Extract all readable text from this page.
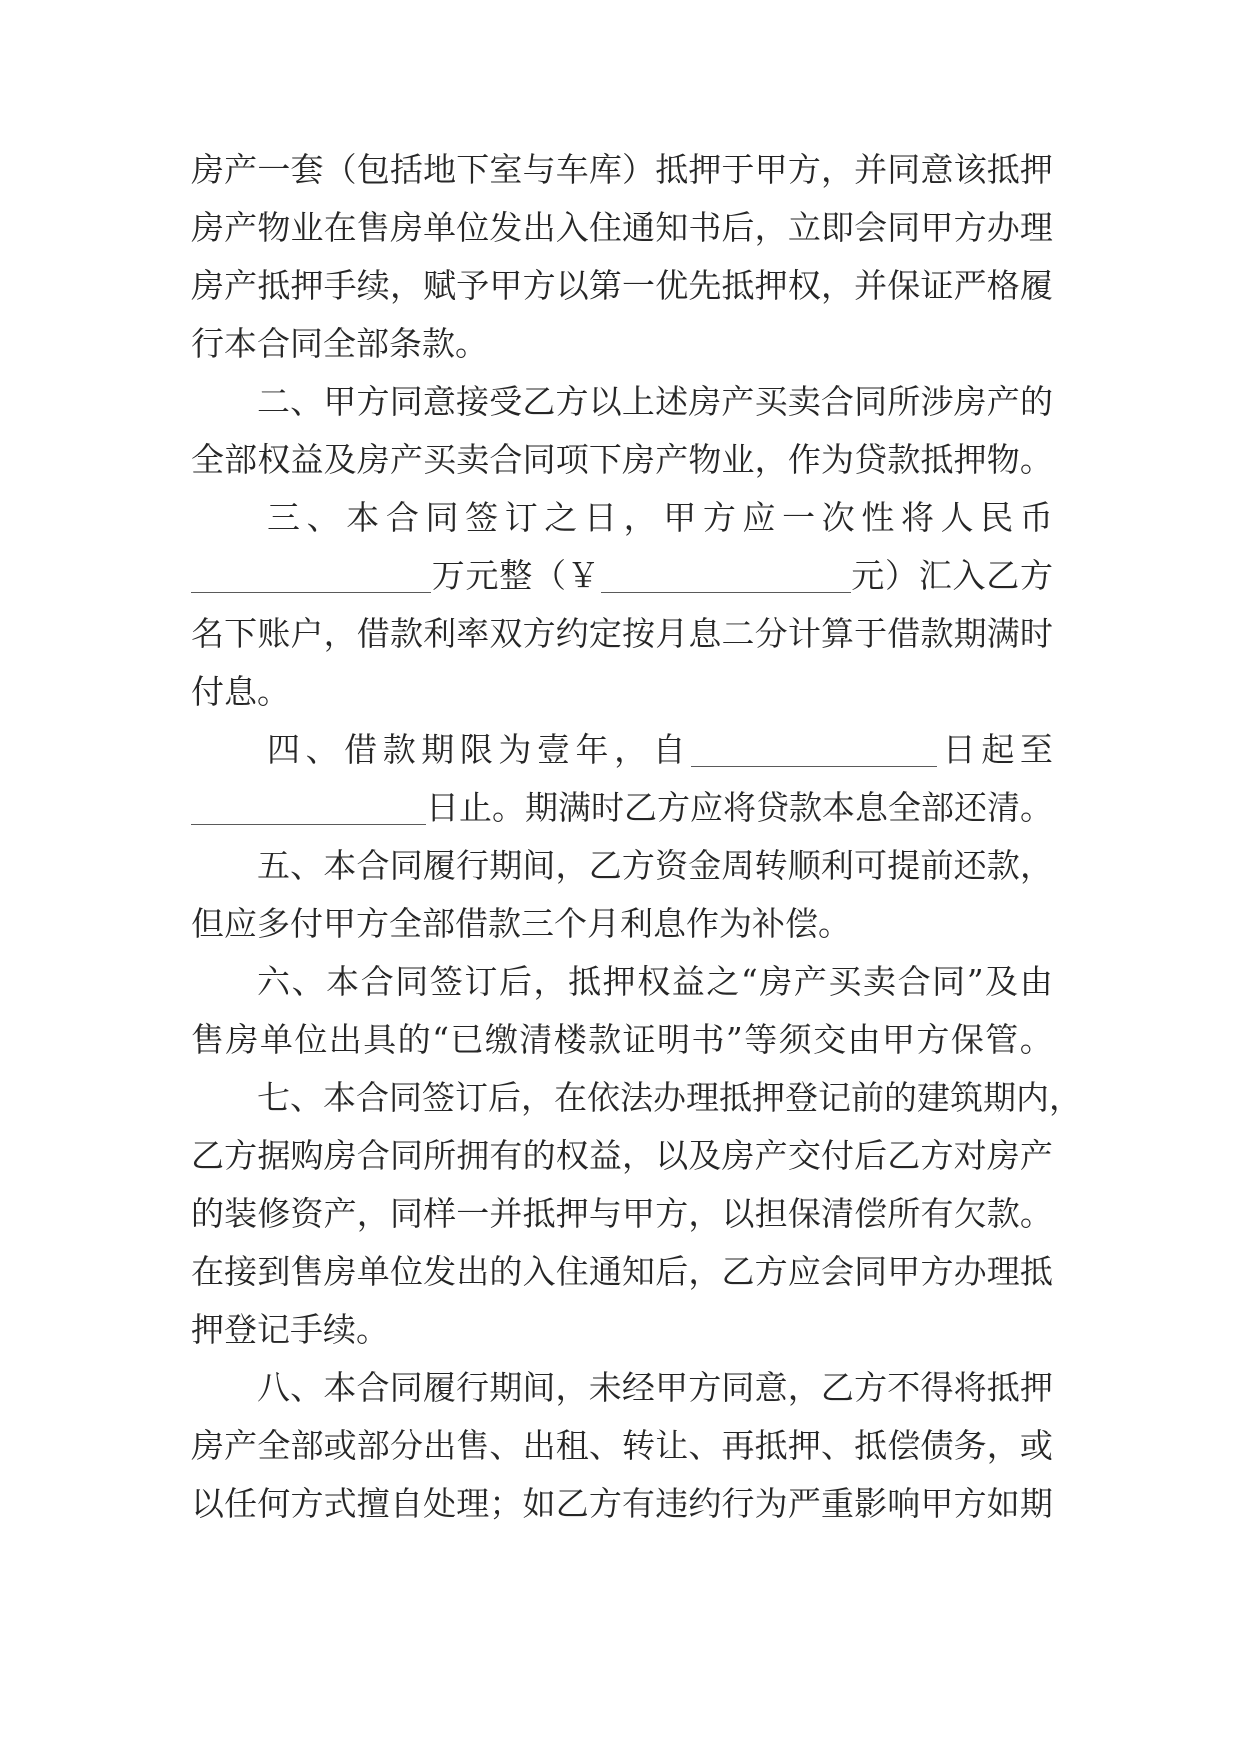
房 产 一 套 （ 包 括 地 下 室 与 车 库 ） 抵 押 于 甲 方 ， 并 同 意 该 抵 押
房 产 物 业 在 售 房 单 位 发 出 入 住 通 知 书 后 ， 立 即 会 同 甲 方 办 理
房 产 抵 押 手 续 ， 赋 予 甲 方 以 第 一 优 先 抵 押 权 ， 并 保 证 严 格 履
行 本 合 同 全 部 条 款 。
二 、 甲 方 同 意 接 受 乙 方 以 上 述 房 产 买 卖 合 同 所 涉 房 产 的
全 部 权 益 及 房 产 买 卖 合 同 项 下 房 产 物 业 ， 作 为 贷 款 抵 押 物 。
三 、 本 合 同 签 订 之 日 ， 甲 方 应 一 次 性 将 人 民 币
万 元 整 （ ￥	元 ） 汇 入 乙 方
名 下 账 户 ， 借 款 利 率 双 方 约 定 按 月 息 二 分 计 算 于 借 款 期 满 时
付 息 。
四 、 借 款 期 限 为 壹 年 ， 自	日 起 至
日 止 。 期 满 时 乙 方 应 将 贷 款 本 息 全 部 还 清 。
五 、 本 合 同 履 行 期 间 ， 乙 方 资 金 周 转 顺 利 可 提 前 还 款 ，
但 应 多 付 甲 方 全 部 借 款 三 个 月 利 息 作 为 补 偿 。
六 、 本 合 同 签 订 后 ， 抵 押 权 益 之 “ 房 产 买 卖 合 同 ” 及 由
售 房 单 位 出 具 的 “ 已 缴 清 楼 款 证 明 书 ” 等 须 交 由 甲 方 保 管 。
七 、 本 合 同 签 订 后 ， 在 依 法 办 理 抵 押 登 记 前 的 建 筑 期 内 ，
乙 方 据 购 房 合 同 所 拥 有 的 权 益 ， 以 及 房 产 交 付 后 乙 方 对 房 产
的 装 修 资 产 ， 同 样 一 并 抵 押 与 甲 方 ， 以 担 保 清 偿 所 有 欠 款 。
在 接 到 售 房 单 位 发 出 的 入 住 通 知 后 ， 乙 方 应 会 同 甲 方 办 理 抵
押 登 记 手 续 。
八 、 本 合 同 履 行 期 间 ， 未 经 甲 方 同 意 ， 乙 方 不 得 将 抵 押
房 产 全 部 或 部 分 出 售 、 出 租 、 转 让 、 再 抵 押 、 抵 偿 债 务 ， 或
以 任 何 方 式 擅 自 处 理 ； 如 乙 方 有 违 约 行 为 严 重 影 响 甲 方 如 期
